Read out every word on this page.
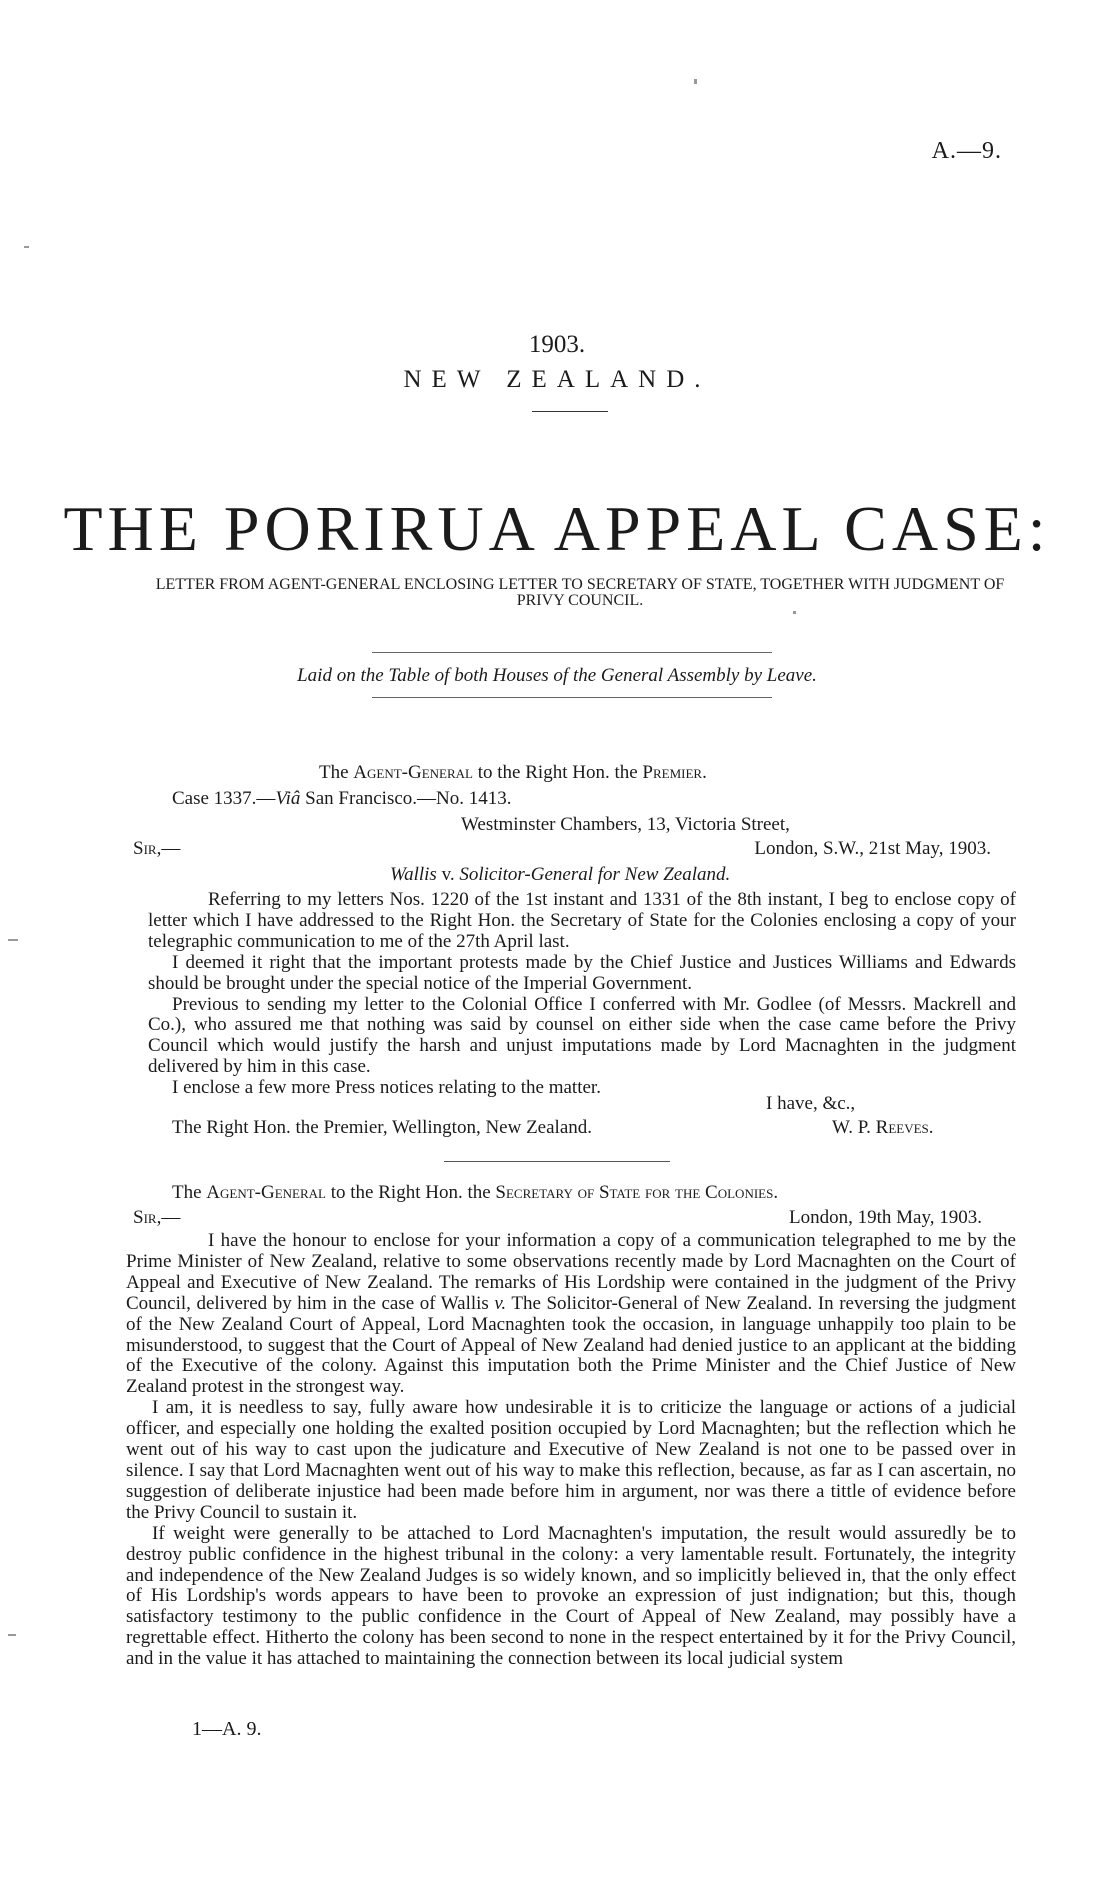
A.—9.
1903.
NEW ZEALAND.
THE PORIRUA APPEAL CASE:
LETTER FROM AGENT-GENERAL ENCLOSING LETTER TO SECRETARY OF STATE, TOGETHER WITH JUDGMENT OF PRIVY COUNCIL.
Laid on the Table of both Houses of the General Assembly by Leave.
The Agent-General to the Right Hon. the Premier.
Case 1337.—Viâ San Francisco.—No. 1413.
Westminster Chambers, 13, Victoria Street,
Sir,—	London, S.W., 21st May, 1903.
Wallis v. Solicitor-General for New Zealand.

Referring to my letters Nos. 1220 of the 1st instant and 1331 of the 8th instant, I beg to enclose copy of letter which I have addressed to the Right Hon. the Secretary of State for the Colonies enclosing a copy of your telegraphic communication to me of the 27th April last.

I deemed it right that the important protests made by the Chief Justice and Justices Williams and Edwards should be brought under the special notice of the Imperial Government.

Previous to sending my letter to the Colonial Office I conferred with Mr. Godlee (of Messrs. Mackrell and Co.), who assured me that nothing was said by counsel on either side when the case came before the Privy Council which would justify the harsh and unjust imputations made by Lord Macnaghten in the judgment delivered by him in this case.

I enclose a few more Press notices relating to the matter.

I have, &c.,
The Right Hon. the Premier, Wellington, New Zealand.	W. P. Reeves.
The Agent-General to the Right Hon. the Secretary of State for the Colonies.
Sir,—	London, 19th May, 1903.

I have the honour to enclose for your information a copy of a communication telegraphed to me by the Prime Minister of New Zealand, relative to some observations recently made by Lord Macnaghten on the Court of Appeal and Executive of New Zealand. The remarks of His Lordship were contained in the judgment of the Privy Council, delivered by him in the case of Wallis v. The Solicitor-General of New Zealand. In reversing the judgment of the New Zealand Court of Appeal, Lord Macnaghten took the occasion, in language unhappily too plain to be misunderstood, to suggest that the Court of Appeal of New Zealand had denied justice to an applicant at the bidding of the Executive of the colony. Against this imputation both the Prime Minister and the Chief Justice of New Zealand protest in the strongest way.

I am, it is needless to say, fully aware how undesirable it is to criticize the language or actions of a judicial officer, and especially one holding the exalted position occupied by Lord Macnaghten; but the reflection which he went out of his way to cast upon the judicature and Executive of New Zealand is not one to be passed over in silence. I say that Lord Macnaghten went out of his way to make this reflection, because, as far as I can ascertain, no suggestion of deliberate injustice had been made before him in argument, nor was there a tittle of evidence before the Privy Council to sustain it.

If weight were generally to be attached to Lord Macnaghten's imputation, the result would assuredly be to destroy public confidence in the highest tribunal in the colony: a very lamentable result. Fortunately, the integrity and independence of the New Zealand Judges is so widely known, and so implicitly believed in, that the only effect of His Lordship's words appears to have been to provoke an expression of just indignation; but this, though satisfactory testimony to the public confidence in the Court of Appeal of New Zealand, may possibly have a regrettable effect. Hitherto the colony has been second to none in the respect entertained by it for the Privy Council, and in the value it has attached to maintaining the connection between its local judicial system

1—A. 9.
